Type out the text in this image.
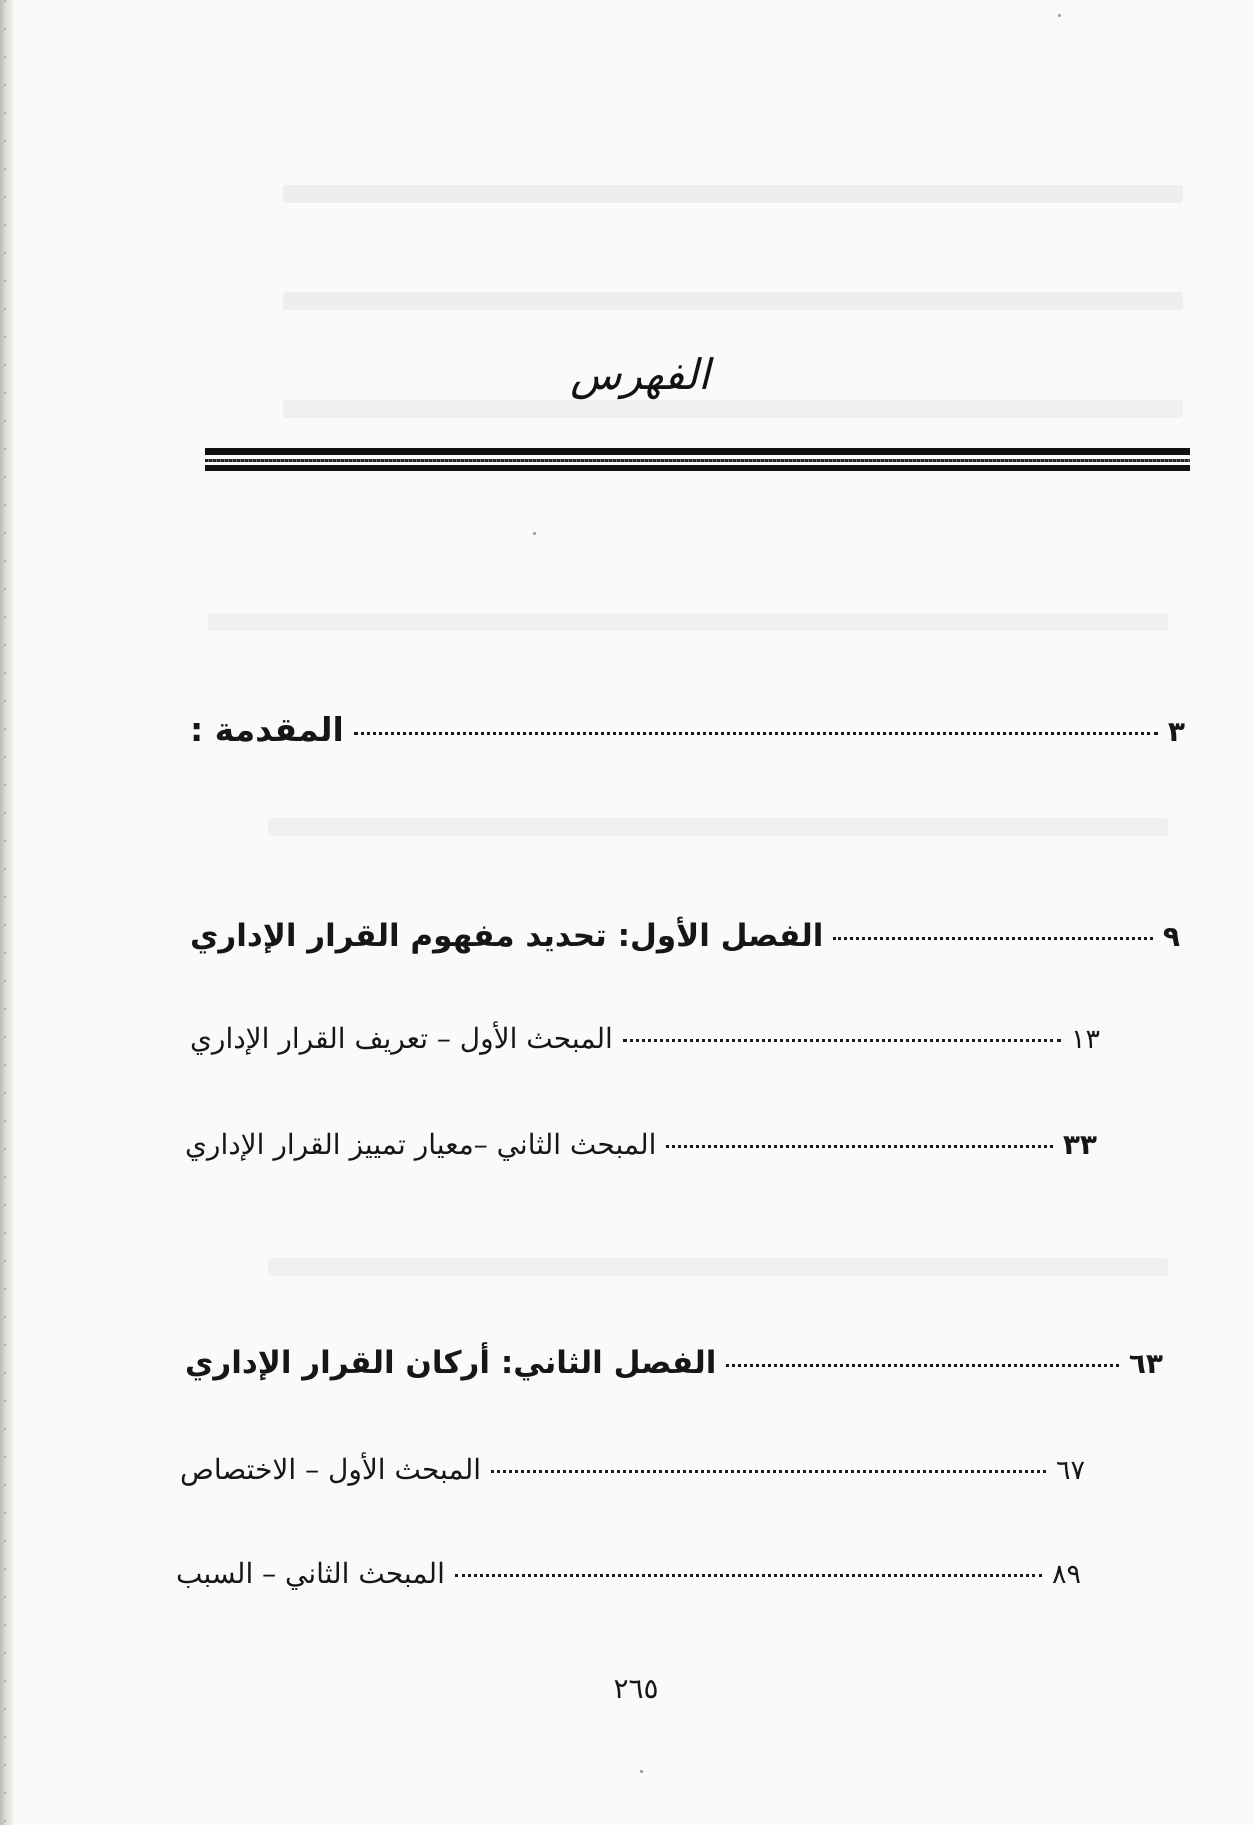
الفهرس
المقدمة :	٣
الفصل الأول: تحديد مفهوم القرار الإداري	٩
المبحث الأول – تعريف القرار الإداري	١٣
المبحث الثاني –معيار تمييز القرار الإداري	٣٣
الفصل الثاني: أركان القرار الإداري	٦٣
المبحث الأول – الاختصاص	٦٧
المبحث الثاني – السبب	٨٩
٢٦٥
